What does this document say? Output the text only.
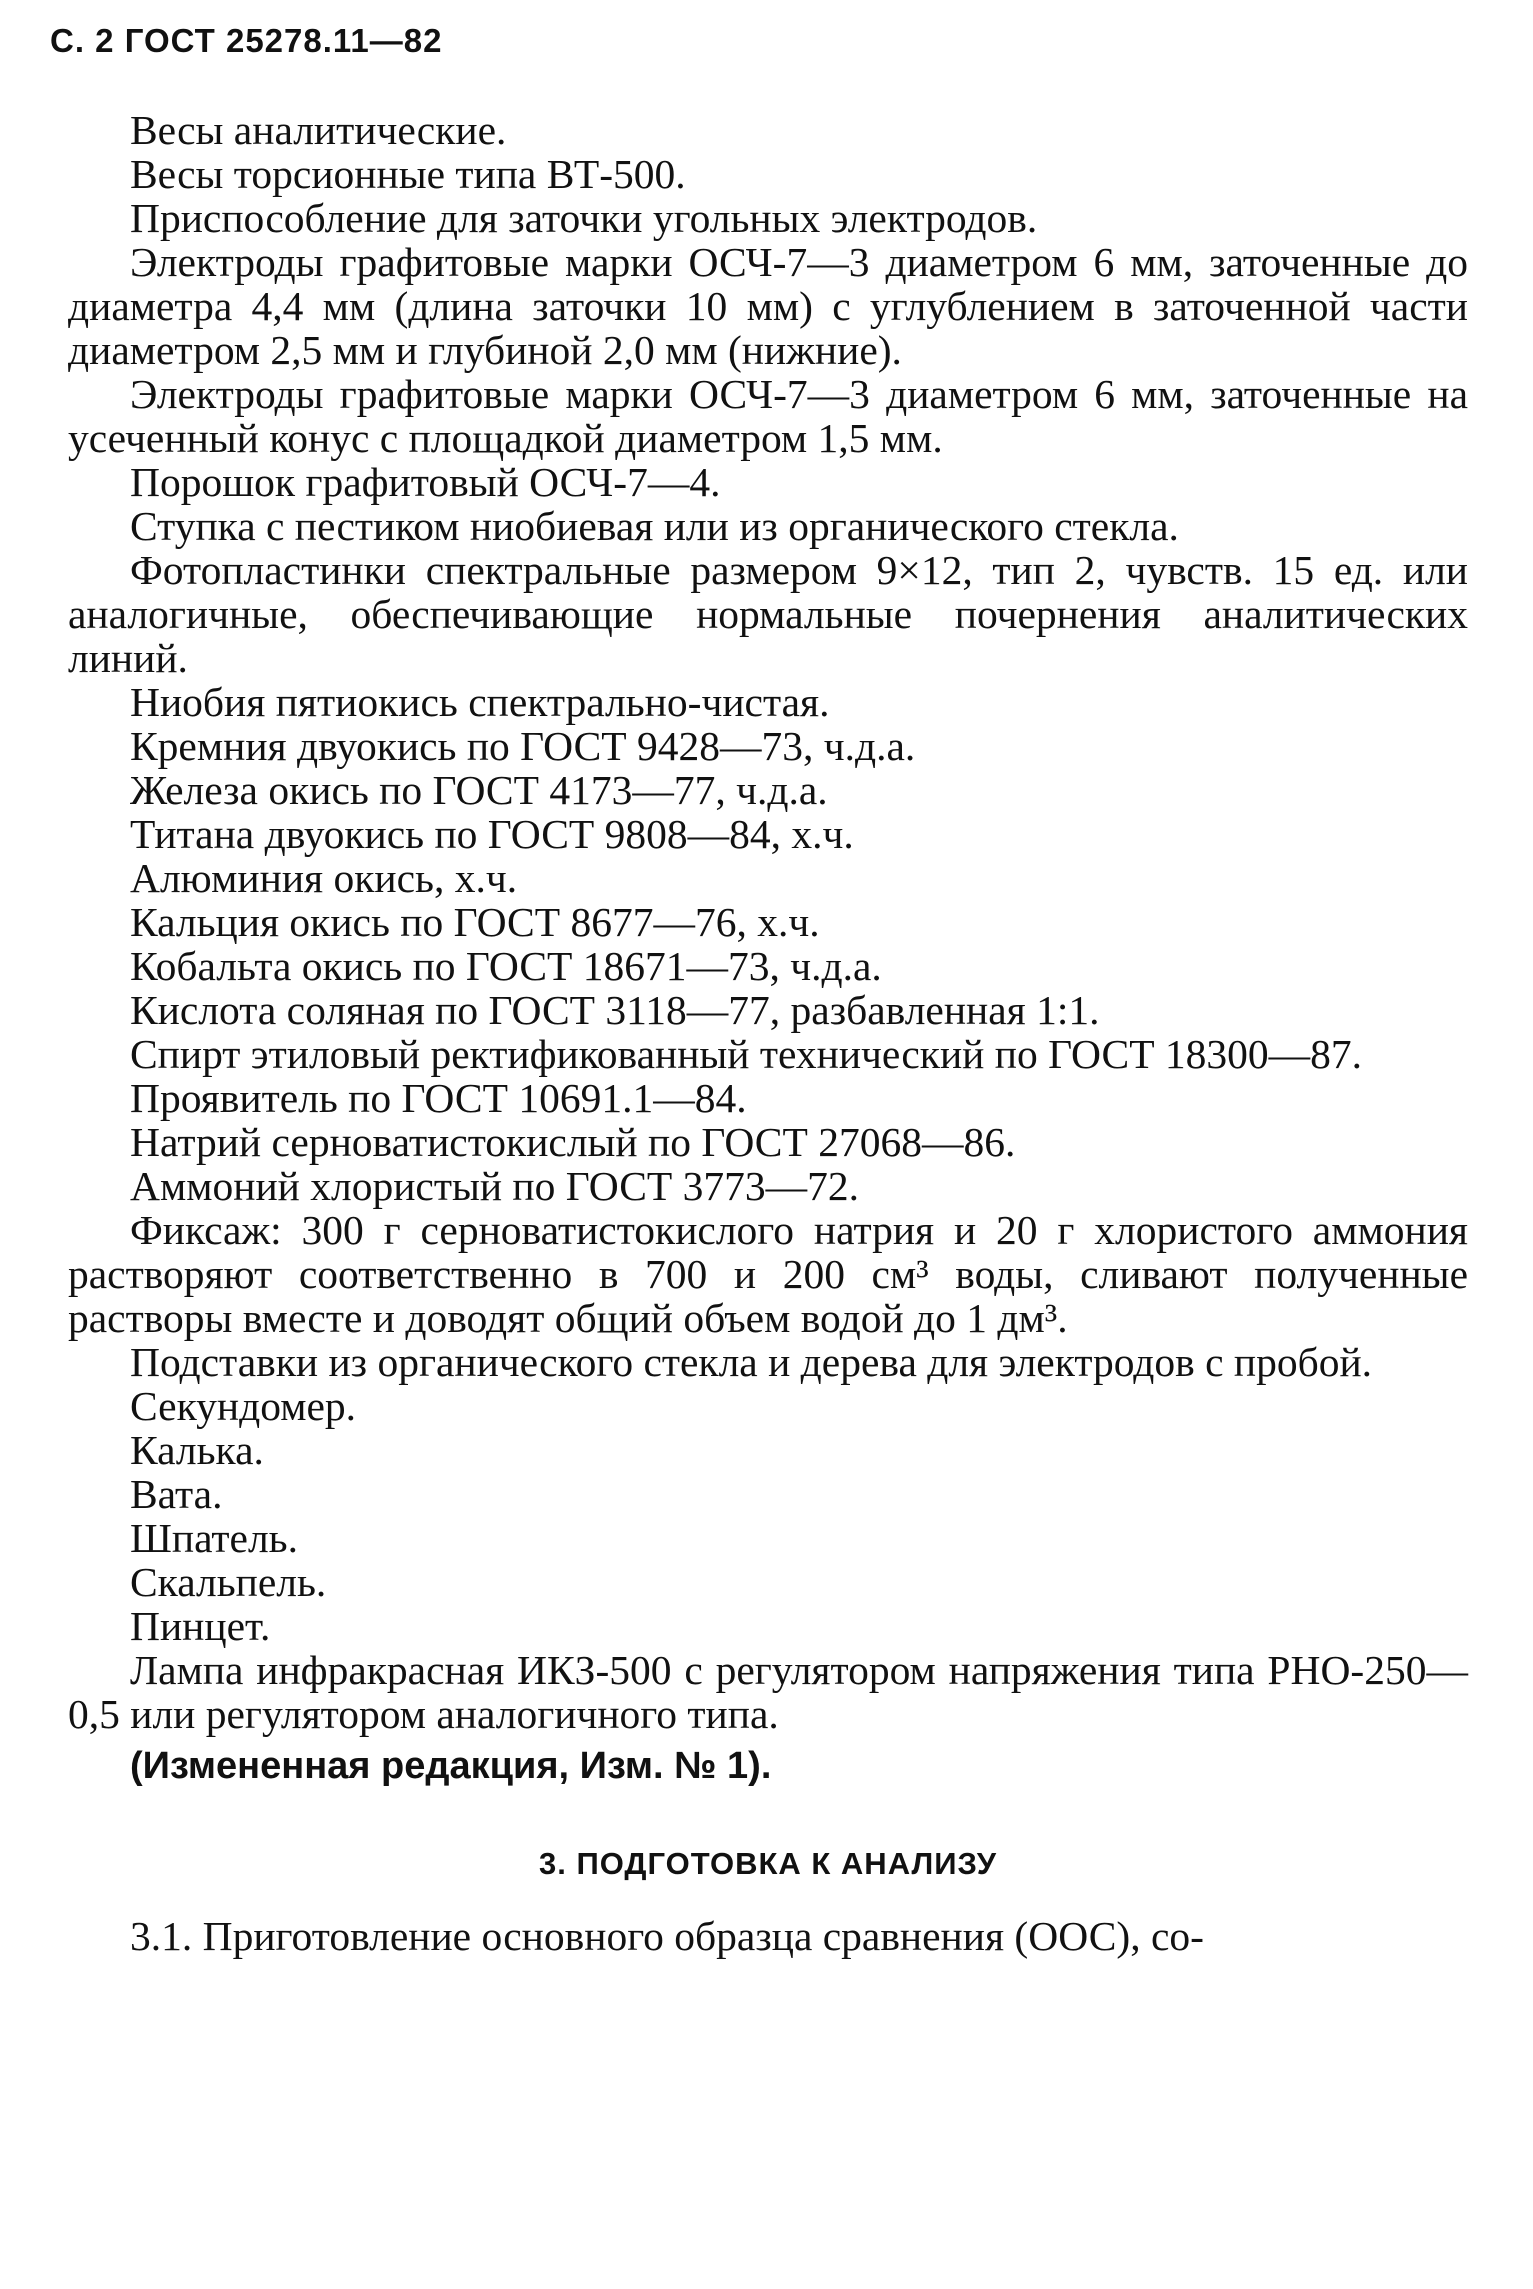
С. 2 ГОСТ 25278.11—82

Весы аналитические.

Весы торсионные типа ВТ-500.

Приспособление для заточки угольных электродов.

Электроды графитовые марки ОСЧ-7—3 диаметром 6 мм, заточенные до диаметра 4,4 мм (длина заточки 10 мм) с углублением в заточенной части диаметром 2,5 мм и глубиной 2,0 мм (нижние).

Электроды графитовые марки ОСЧ-7—3 диаметром 6 мм, заточенные на усеченный конус с площадкой диаметром 1,5 мм.

Порошок графитовый ОСЧ-7—4.

Ступка с пестиком ниобиевая или из органического стекла.

Фотопластинки спектральные размером 9×12, тип 2, чувств. 15 ед. или аналогичные, обеспечивающие нормальные почернения аналитических линий.

Ниобия пятиокись спектрально-чистая.

Кремния двуокись по ГОСТ 9428—73, ч.д.а.

Железа окись по ГОСТ 4173—77, ч.д.а.

Титана двуокись по ГОСТ 9808—84, х.ч.

Алюминия окись, х.ч.

Кальция окись по ГОСТ 8677—76, х.ч.

Кобальта окись по ГОСТ 18671—73, ч.д.а.

Кислота соляная по ГОСТ 3118—77, разбавленная 1:1.

Спирт этиловый ректификованный технический по ГОСТ 18300—87.

Проявитель по ГОСТ 10691.1—84.

Натрий серноватистокислый по ГОСТ 27068—86.

Аммоний хлористый по ГОСТ 3773—72.

Фиксаж: 300 г серноватистокислого натрия и 20 г хлористого аммония растворяют соответственно в 700 и 200 см³ воды, сливают полученные растворы вместе и доводят общий объем водой до 1 дм³.

Подставки из органического стекла и дерева для электродов с пробой.

Секундомер.

Калька.

Вата.

Шпатель.

Скальпель.

Пинцет.

Лампа инфракрасная ИКЗ-500 с регулятором напряжения типа РНО-250—0,5 или регулятором аналогичного типа.

(Измененная редакция, Изм. № 1).

3. ПОДГОТОВКА К АНАЛИЗУ

3.1. Приготовление основного образца сравнения (ООС), со-
